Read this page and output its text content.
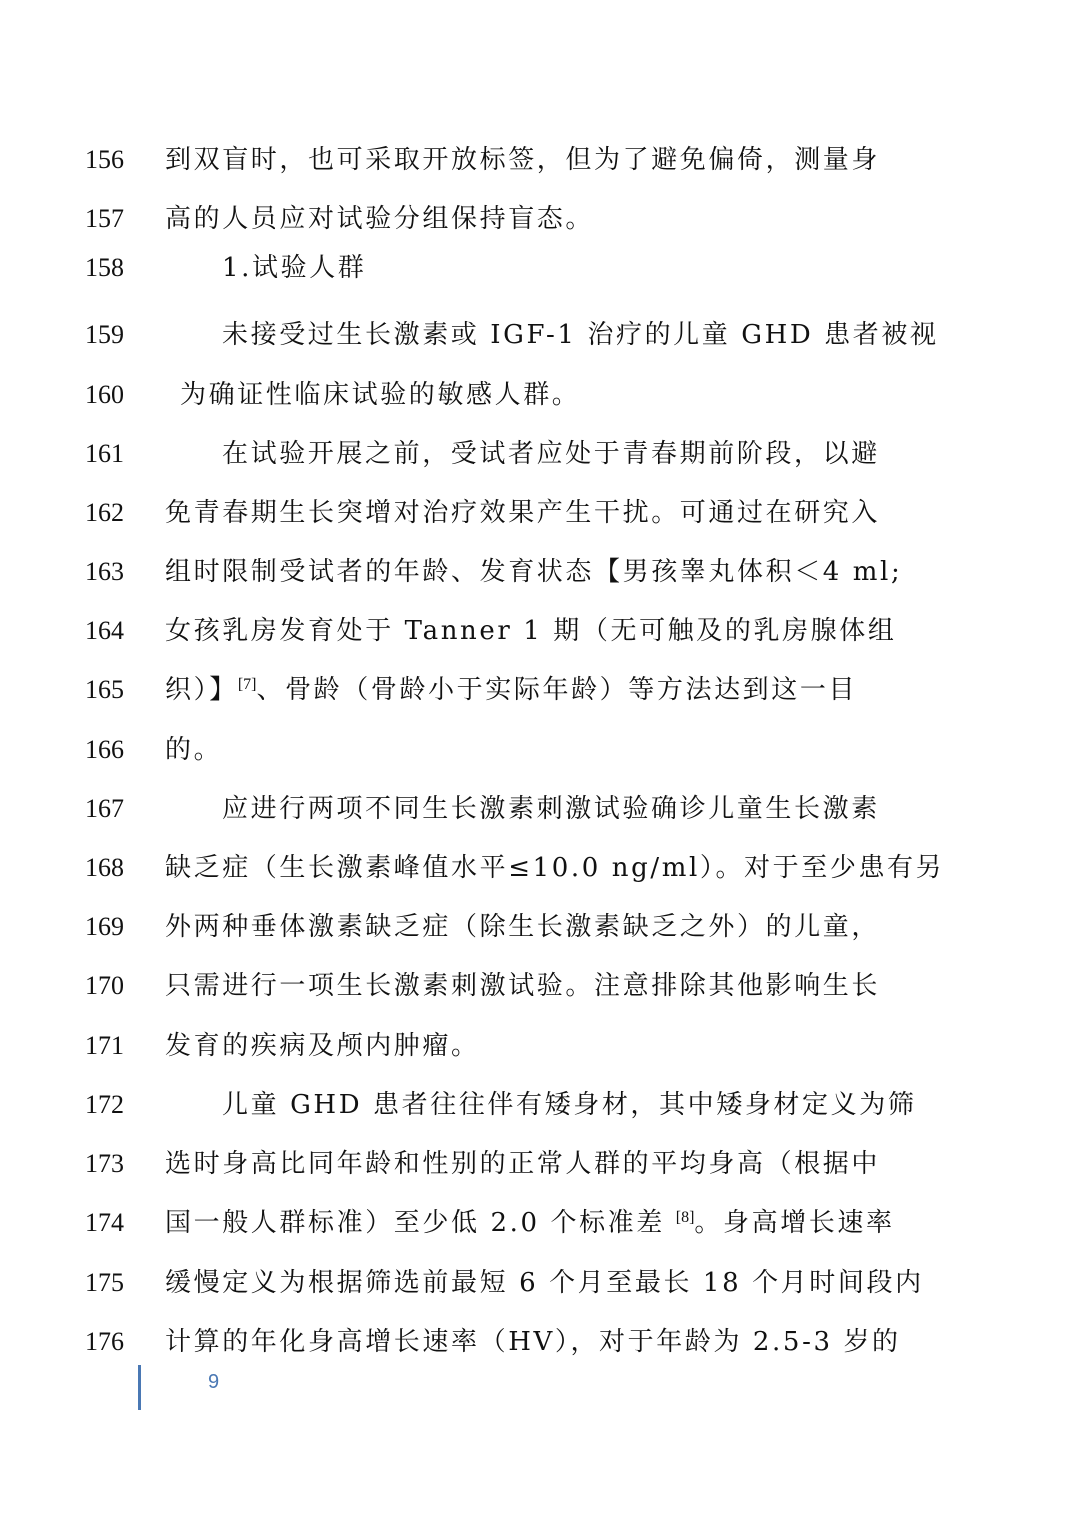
156 到双盲时，也可采取开放标签，但为了避免偏倚，测量身
157 高的人员应对试验分组保持盲态。
158	1.试验人群
159	未接受过生长激素或 IGF-1 治疗的儿童 GHD 患者被视
160 为确证性临床试验的敏感人群。
161	在试验开展之前，受试者应处于青春期前阶段，以避
162 免青春期生长突增对治疗效果产生干扰。可通过在研究入
163 组时限制受试者的年龄、发育状态【男孩睾丸体积＜4 ml;
164 女孩乳房发育处于 Tanner 1 期（无可触及的乳房腺体组
165 织）】[7]、骨龄（骨龄小于实际年龄）等方法达到这一目
166 的。
167	应进行两项不同生长激素刺激试验确诊儿童生长激素
168 缺乏症（生长激素峰值水平≤10.0 ng/ml）。对于至少患有另
169 外两种垂体激素缺乏症（除生长激素缺乏之外）的儿童，
170 只需进行一项生长激素刺激试验。注意排除其他影响生长
171 发育的疾病及颅内肿瘤。
172	儿童 GHD 患者往往伴有矮身材，其中矮身材定义为筛
173 选时身高比同年龄和性别的正常人群的平均身高（根据中
174 国一般人群标准）至少低 2.0 个标准差 [8]。身高增长速率
175 缓慢定义为根据筛选前最短 6 个月至最长 18 个月时间段内
176 计算的年化身高增长速率（HV），对于年龄为 2.5-3 岁的
9
